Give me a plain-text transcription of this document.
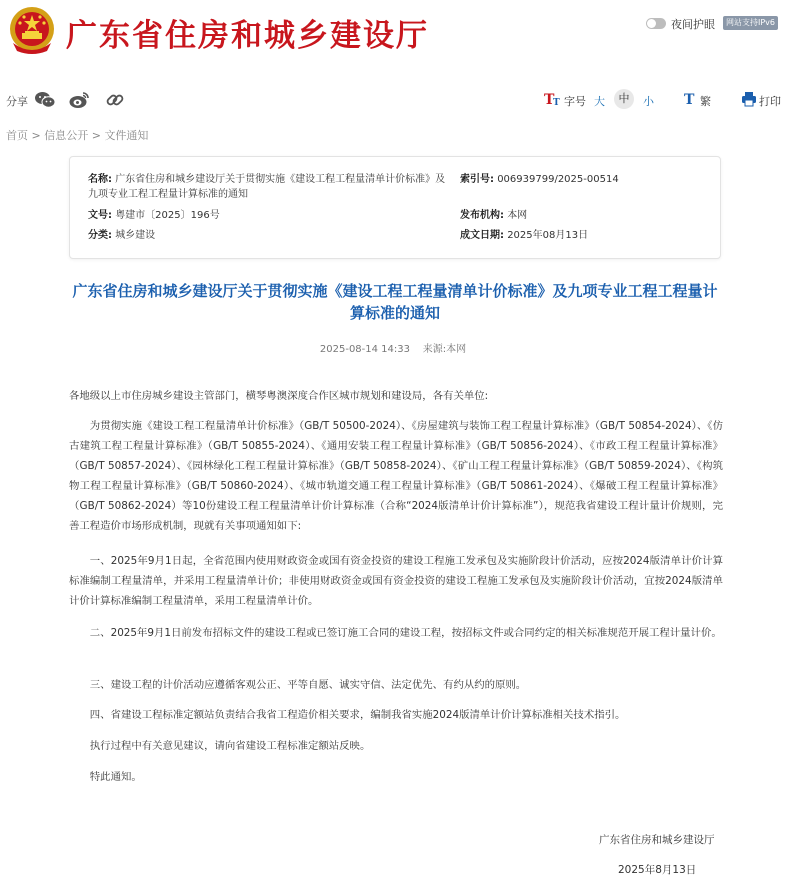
广东省住房和城乡建设厅	夜间护眼	网站支持IPv6
分享	T
T 字号 大	中	小 T 繁	打印
首页 > 信息公开 > 文件通知
名称: 广东省住房和城乡建设厅关于贯彻实施《建设工程工程量清单计价标准》及九项专业工程工程量计算标准的通知
索引号: 006939799/2025-00514
文号: 粤建市〔2025〕196号	发布机构: 本网
分类: 城乡建设	成文日期: 2025年08月13日
广东省住房和城乡建设厅关于贯彻实施《建设工程工程量清单计价标准》及九项专业工程工程量计算标准的通知
2025-08-14 14:33 来源:本网
各地级以上市住房城乡建设主管部门，横琴粤澳深度合作区城市规划和建设局，各有关单位:
为贯彻实施《建设工程工程量清单计价标准》（GB/T 50500-2024）、《房屋建筑与装饰工程工程量计算标准》（GB/T 50854-2024）、《仿古建筑工程工程量计算标准》（GB/T 50855-2024）、《通用安装工程工程量计算标准》（GB/T 50856-2024）、《市政工程工程量计算标准》（GB/T 50857-2024）、《园林绿化工程工程量计算标准》（GB/T 50858-2024）、《矿山工程工程量计算标准》（GB/T 50859-2024）、《构筑物工程工程量计算标准》（GB/T 50860-2024）、《城市轨道交通工程工程量计算标准》（GB/T 50861-2024）、《爆破工程工程量计算标准》（GB/T 50862-2024）等10份建设工程工程量清单计价计算标准（合称“2024版清单计价计算标准”），规范我省建设工程计量计价规则，完善工程造价市场形成机制，现就有关事项通知如下:
一、2025年9月1日起，全省范围内使用财政资金或国有资金投资的建设工程施工发承包及实施阶段计价活动，应按2024版清单计价计算标准编制工程量清单，并采用工程量清单计价；非使用财政资金或国有资金投资的建设工程施工发承包及实施阶段计价活动，宜按2024版清单计价计算标准编制工程量清单，采用工程量清单计价。
二、2025年9月1日前发布招标文件的建设工程或已签订施工合同的建设工程，按招标文件或合同约定的相关标准规范开展工程计量计价。
三、建设工程的计价活动应遵循客观公正、平等自愿、诚实守信、法定优先、有约从约的原则。
四、省建设工程标准定额站负责结合我省工程造价相关要求，编制我省实施2024版清单计价计算标准相关技术指引。
执行过程中有关意见建议，请向省建设工程标准定额站反映。
特此通知。
广东省住房和城乡建设厅
2025年8月13日
